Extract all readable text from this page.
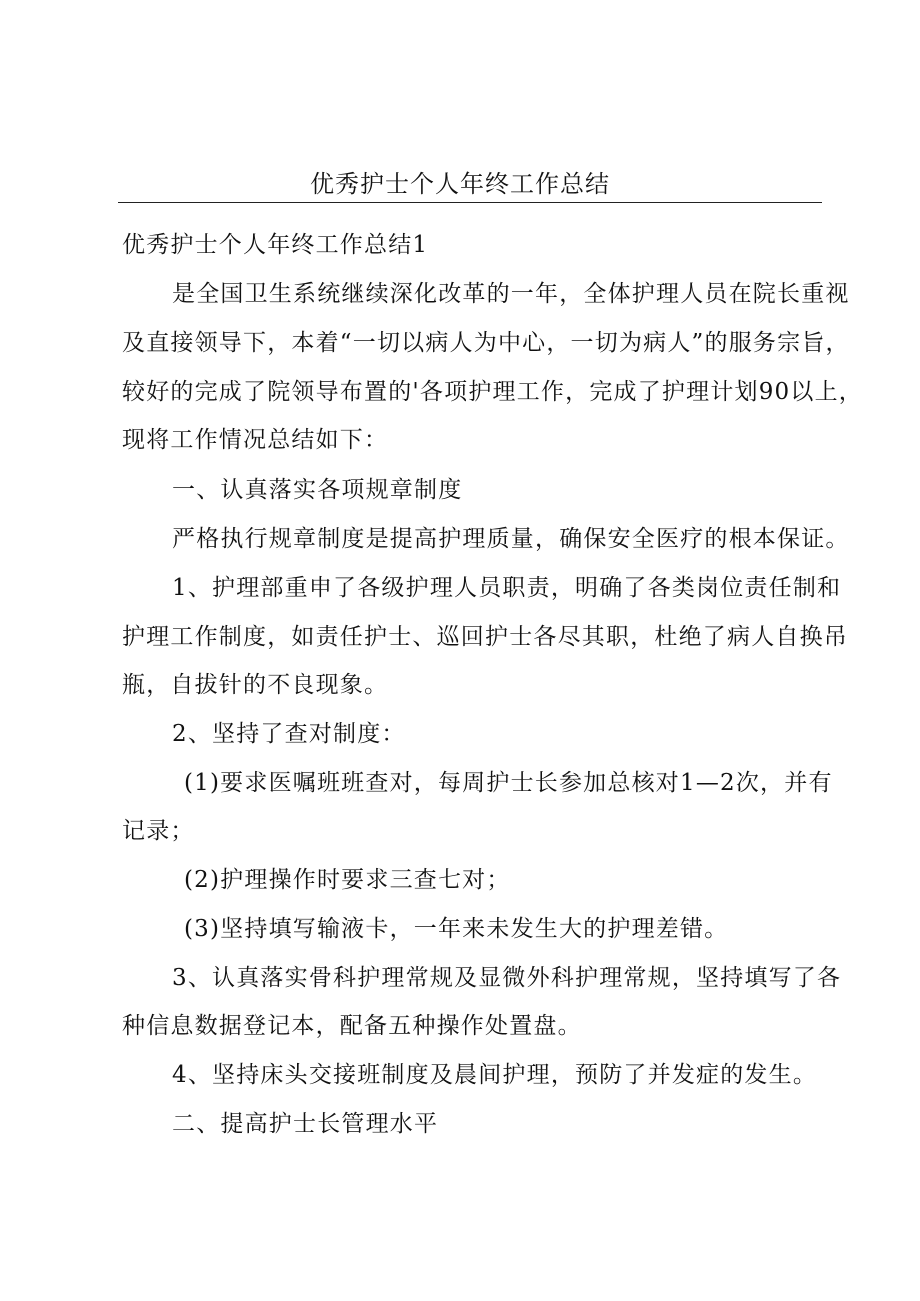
优秀护士个人年终工作总结

优秀护士个人年终工作总结1

是全国卫生系统继续深化改革的一年，全体护理人员在院长重视

及直接领导下，本着“一切以病人为中心，一切为病人”的服务宗旨，

较好的完成了院领导布置的'各项护理工作，完成了护理计划90以上，

现将工作情况总结如下：

一、认真落实各项规章制度

严格执行规章制度是提高护理质量，确保安全医疗的根本保证。

1、护理部重申了各级护理人员职责，明确了各类岗位责任制和

护理工作制度，如责任护士、巡回护士各尽其职，杜绝了病人自换吊

瓶，自拔针的不良现象。

2、坚持了查对制度：

(1)要求医嘱班班查对，每周护士长参加总核对1—2次，并有

记录；

(2)护理操作时要求三查七对；

(3)坚持填写输液卡，一年来未发生大的护理差错。

3、认真落实骨科护理常规及显微外科护理常规，坚持填写了各

种信息数据登记本，配备五种操作处置盘。

4、坚持床头交接班制度及晨间护理，预防了并发症的发生。

二、提高护士长管理水平
